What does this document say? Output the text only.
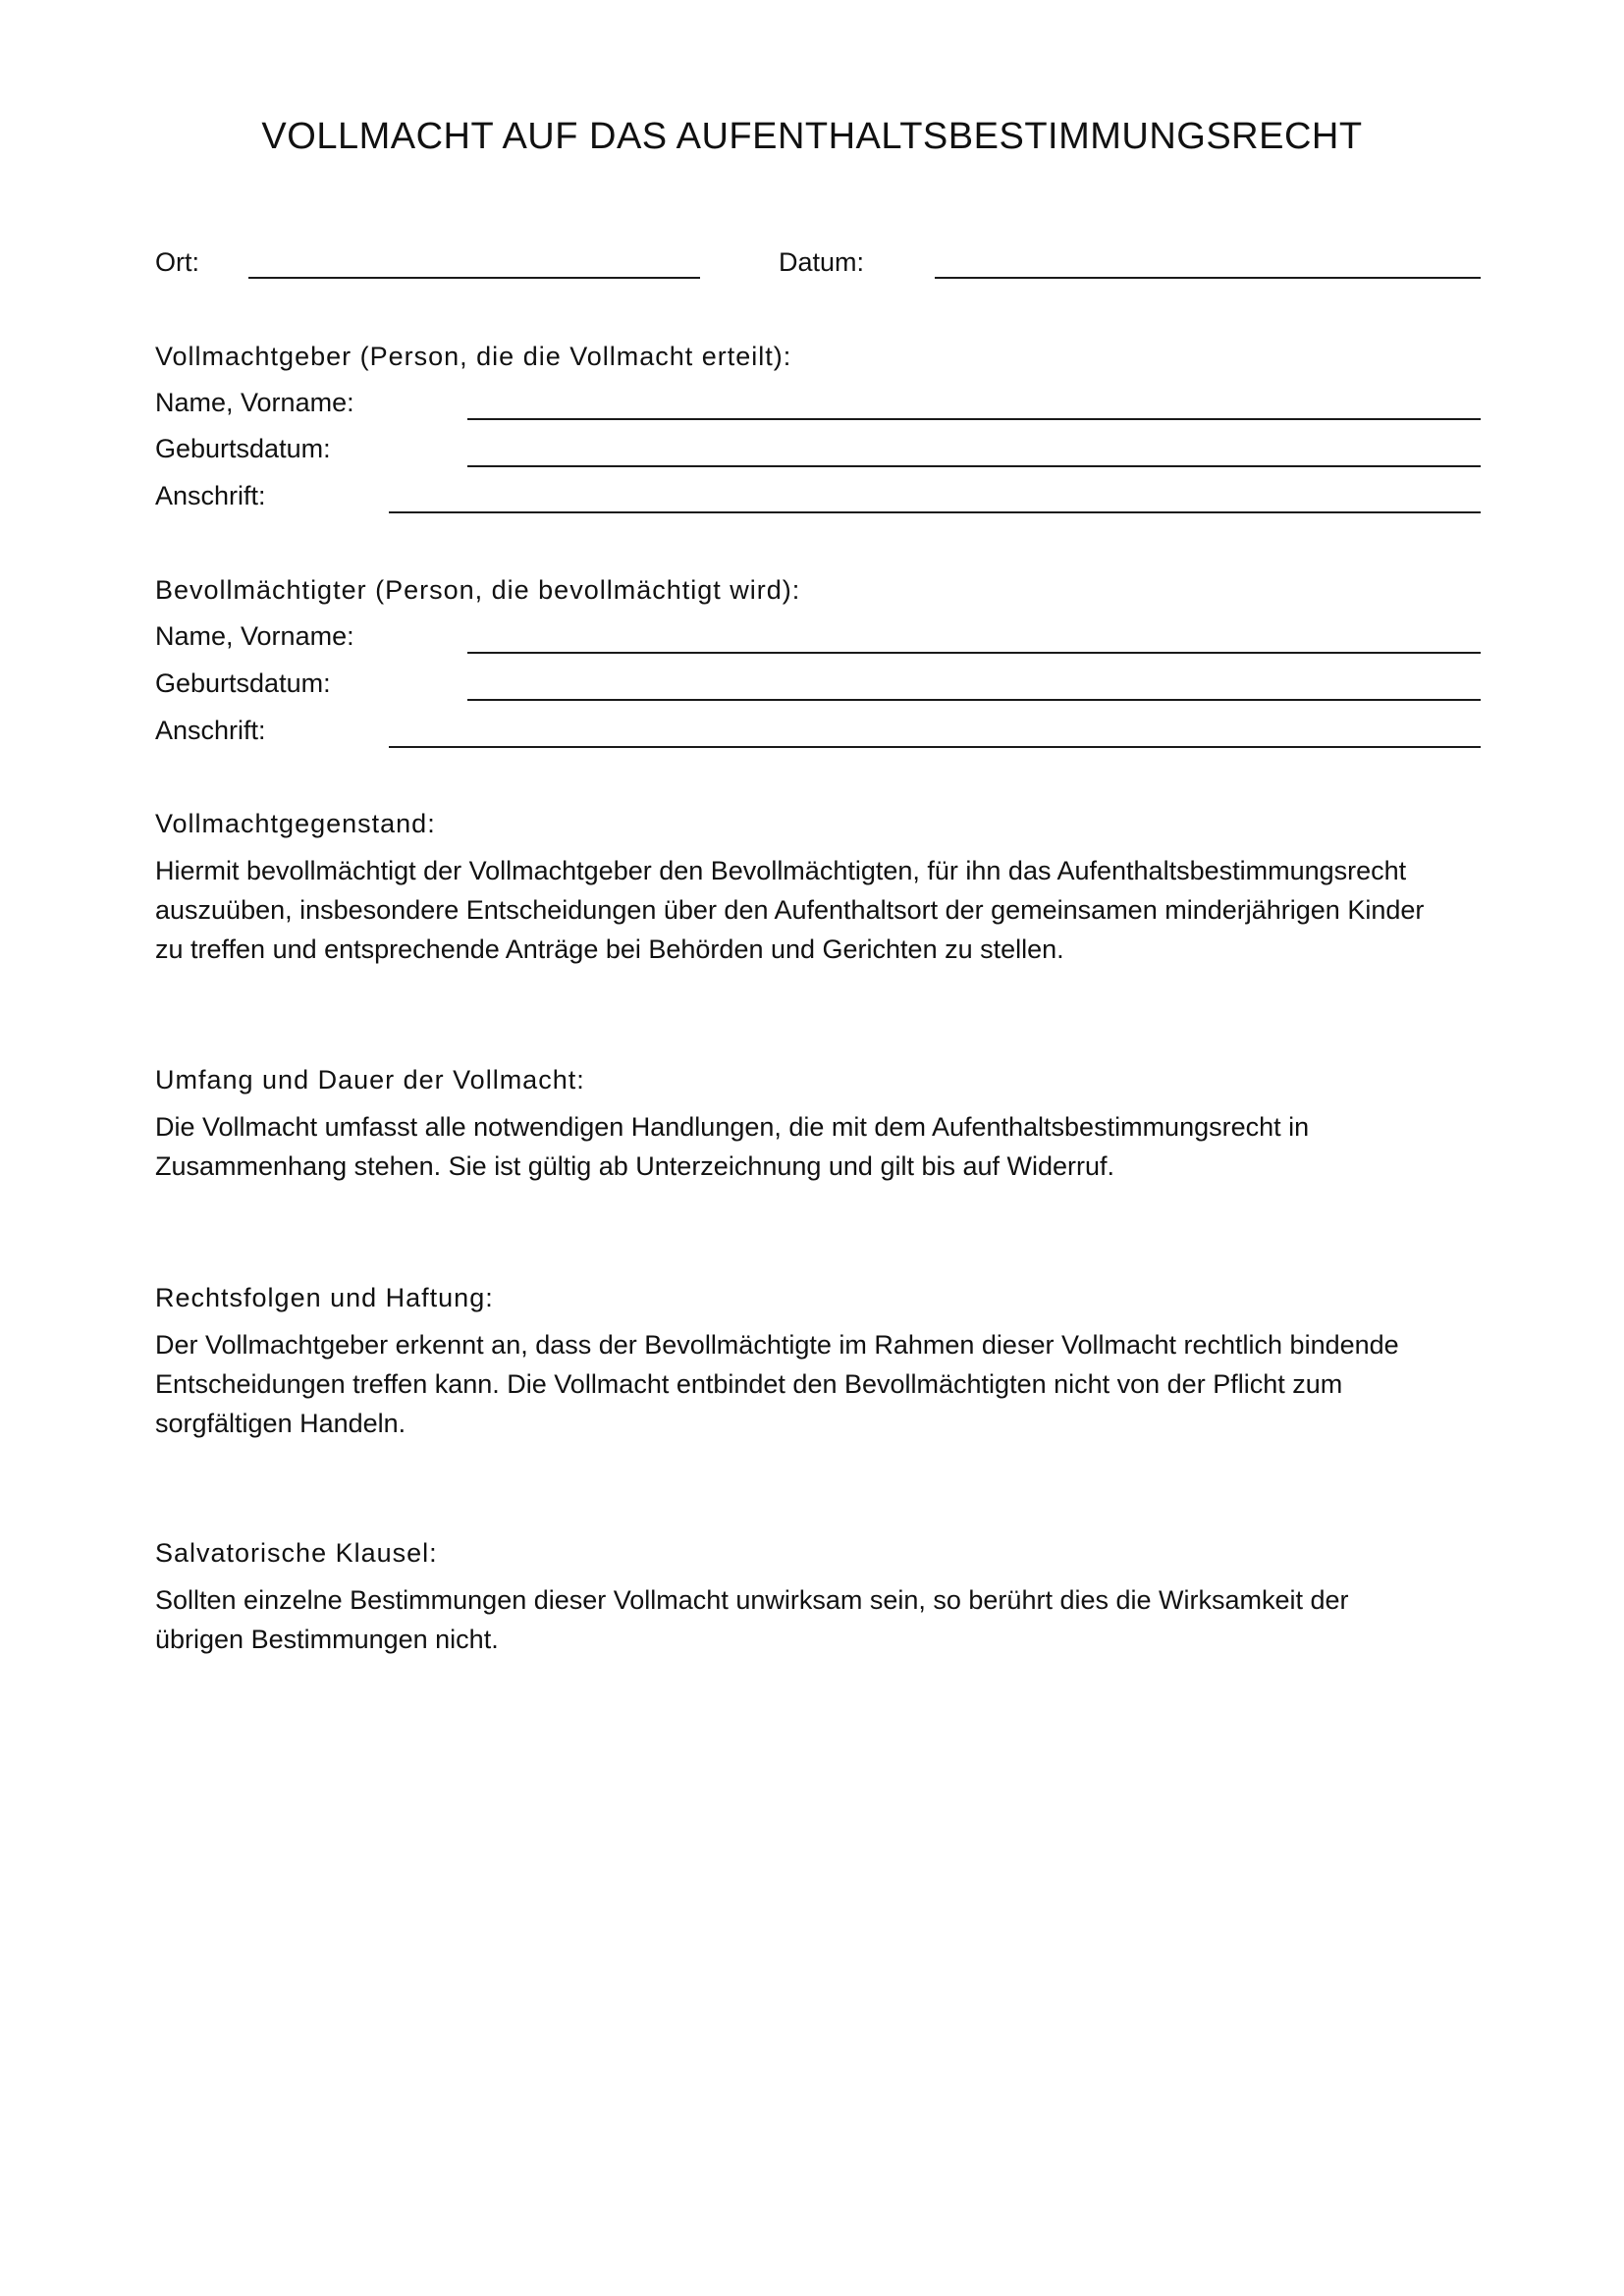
VOLLMACHT AUF DAS AUFENTHALTSBESTIMMUNGSRECHT
Ort:	Datum:
Vollmachtgeber (Person, die die Vollmacht erteilt):
Name, Vorname:
Geburtsdatum:
Anschrift:
Bevollmächtigter (Person, die bevollmächtigt wird):
Name, Vorname:
Geburtsdatum:
Anschrift:
Vollmachtgegenstand:
Hiermit bevollmächtigt der Vollmachtgeber den Bevollmächtigten, für ihn das Aufenthaltsbestimmungsrecht
auszuüben, insbesondere Entscheidungen über den Aufenthaltsort der gemeinsamen minderjährigen Kinder
zu treffen und entsprechende Anträge bei Behörden und Gerichten zu stellen.
Umfang und Dauer der Vollmacht:
Die Vollmacht umfasst alle notwendigen Handlungen, die mit dem Aufenthaltsbestimmungsrecht in
Zusammenhang stehen. Sie ist gültig ab Unterzeichnung und gilt bis auf Widerruf.
Rechtsfolgen und Haftung:
Der Vollmachtgeber erkennt an, dass der Bevollmächtigte im Rahmen dieser Vollmacht rechtlich bindende
Entscheidungen treffen kann. Die Vollmacht entbindet den Bevollmächtigten nicht von der Pflicht zum
sorgfältigen Handeln.
Salvatorische Klausel:
Sollten einzelne Bestimmungen dieser Vollmacht unwirksam sein, so berührt dies die Wirksamkeit der
übrigen Bestimmungen nicht.
